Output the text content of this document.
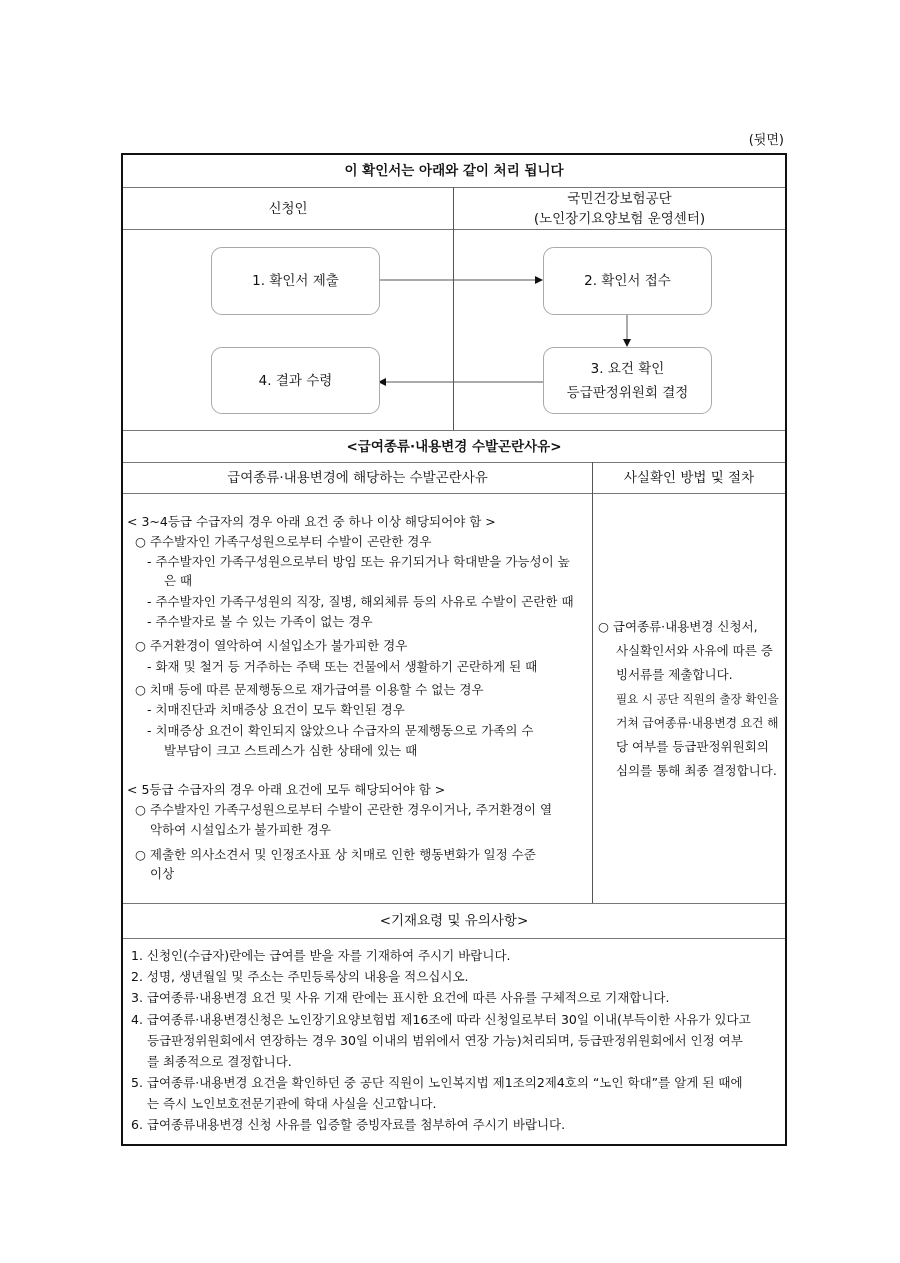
(뒷면)
이 확인서는 아래와 같이 처리 됩니다
신청인
국민건강보험공단
(노인장기요양보험 운영센터)
1. 확인서 제출	2. 확인서 접수
3. 요건 확인
등급판정위원회 결정
4. 결과 수령
<급여종류·내용변경 수발곤란사유>
급여종류·내용변경에 해당하는 수발곤란사유	사실확인 방법 및 절차
< 3~4등급 수급자의 경우 아래 요건 중 하나 이상 해당되어야 함 >
○ 주수발자인 가족구성원으로부터 수발이 곤란한 경우
- 주수발자인 가족구성원으로부터 방임 또는 유기되거나 학대받을 가능성이 높
은 때
- 주수발자인 가족구성원의 직장, 질병, 해외체류 등의 사유로 수발이 곤란한 때
- 주수발자로 볼 수 있는 가족이 없는 경우
○ 주거환경이 열악하여 시설입소가 불가피한 경우
- 화재 및 철거 등 거주하는 주택 또는 건물에서 생활하기 곤란하게 된 때
○ 치매 등에 따른 문제행동으로 재가급여를 이용할 수 없는 경우
- 치매진단과 치매증상 요건이 모두 확인된 경우
- 치매증상 요건이 확인되지 않았으나 수급자의 문제행동으로 가족의 수
발부담이 크고 스트레스가 심한 상태에 있는 때
< 5등급 수급자의 경우 아래 요건에 모두 해당되어야 함 >
○ 주수발자인 가족구성원으로부터 수발이 곤란한 경우이거나, 주거환경이 열
악하여 시설입소가 불가피한 경우
○ 제출한 의사소견서 및 인정조사표 상 치매로 인한 행동변화가 일정 수준
이상
○ 급여종류·내용변경 신청서,
사실확인서와 사유에 따른 증
빙서류를 제출합니다.
필요 시 공단 직원의 출장 확인을
거쳐 급여종류·내용변경 요건 해
당 여부를 등급판정위원회의
심의를 통해 최종 결정합니다.
<기재요령 및 유의사항>
1. 신청인(수급자)란에는 급여를 받을 자를 기재하여 주시기 바랍니다.
2. 성명, 생년월일 및 주소는 주민등록상의 내용을 적으십시오.
3. 급여종류·내용변경 요건 및 사유 기재 란에는 표시한 요건에 따른 사유를 구체적으로 기재합니다.
4. 급여종류·내용변경신청은 노인장기요양보험법 제16조에 따라 신청일로부터 30일 이내(부득이한 사유가 있다고
등급판정위원회에서 연장하는 경우 30일 이내의 범위에서 연장 가능)처리되며, 등급판정위원회에서 인정 여부
를 최종적으로 결정합니다.
5. 급여종류·내용변경 요건을 확인하던 중 공단 직원이 노인복지법 제1조의2제4호의 “노인 학대”를 알게 된 때에
는 즉시 노인보호전문기관에 학대 사실을 신고합니다.
6. 급여종류내용변경 신청 사유를 입증할 증빙자료를 첨부하여 주시기 바랍니다.
